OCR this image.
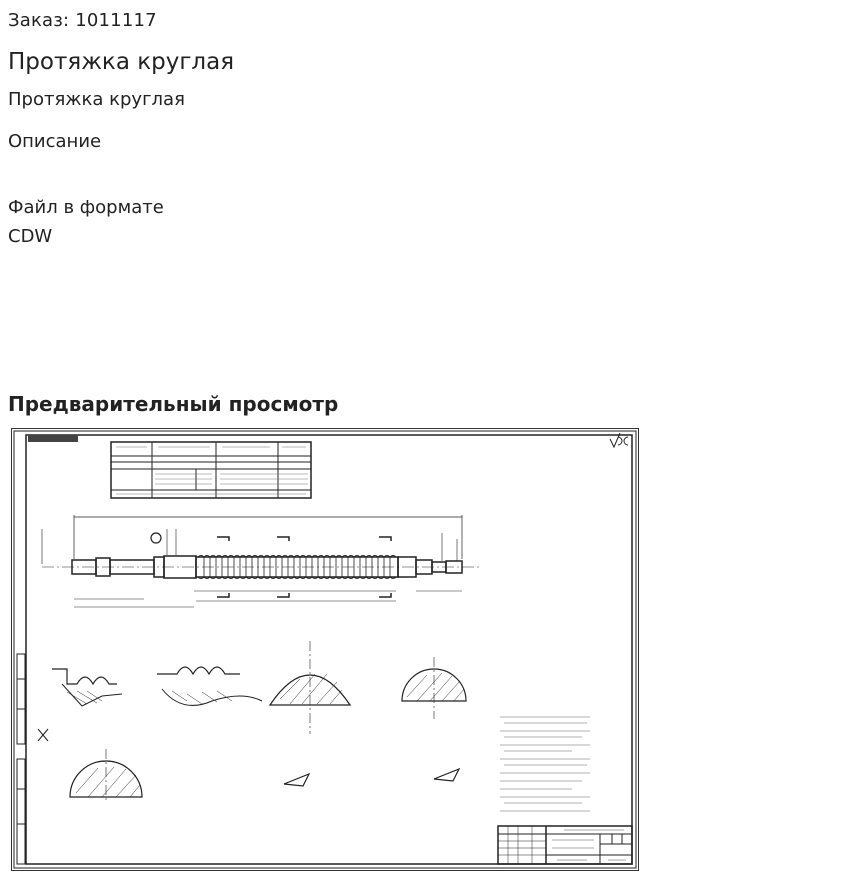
Заказ: 1011117
Протяжка круглая
Протяжка круглая
Описание
Файл в формате CDW
Предварительный просмотр
